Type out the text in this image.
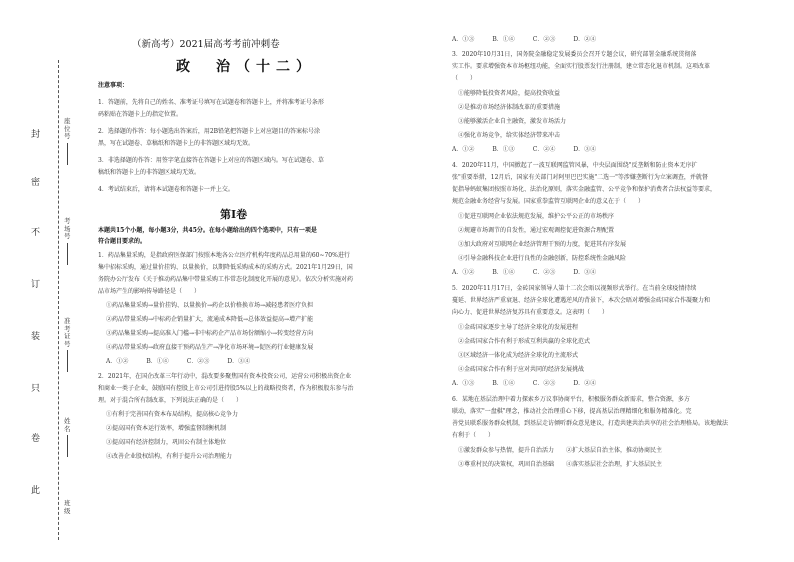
封
密
不
订
装
只
卷
此
座位号
考场号
准考证号
姓名
班级
（新高考）2021届高考考前冲刺卷
政　治（十二）
注意事项：
1．答题前，先将自己的姓名、准考证号填写在试题卷和答题卡上，并将准考证号条形
码粘贴在答题卡上的指定位置。
2．选择题的作答：每小题选出答案后，用2B铅笔把答题卡上对应题目的答案标号涂
黑，写在试题卷、草稿纸和答题卡上的非答题区域均无效。
3．非选择题的作答：用签字笔直接答在答题卡上对应的答题区域内。写在试题卷、草
稿纸和答题卡上的非答题区域均无效。
4．考试结束后，请将本试题卷和答题卡一并上交。
第Ⅰ卷
本题共15个小题，每小题3分，共45分。在每小题给出的四个选项中，只有一项是
符合题目要求的。
1．药品集量采购，是指政府医保部门按照本地各公立医疗机构年度药品总用量的60~70%进行
集中招标采购，通过量价挂钩、以量换价，以期降低采购成本的采购方式。2021年1月29日，国
务院办公厅发布《关于推动药品集中带量采购工作常态化制度化开展的意见》。依次分析实施对药
品市场产生的影响传导路径是（　　）
①药品集量采购→量价挂钩、以量换价→药企以价格换市场→减轻患者医疗负担
②药品带量采购→中标药企销量扩大，流通成本降低→总体效益提高→增产扩能
③药品集量采购→提高准入门槛→非中标药企产品市场份额缩小→转变经营方向
④药品带量采购→政府直接干预药品生产→净化市场环境→促医药行业健康发展
A．①②　　　B．①④　　　C．②③　　　D．③④
2．2021年，在国企改革三年行动中，混改要多聚焦国有资本投资公司，运营公司积极出资企业
和商业一类子企业，鼓励国有控股上市公司引进持股5%以上的战略投资者，作为积极股东参与治
理。对于混合所有制改革，下列说法正确的是（　　）
①有利于完善国有资本布局结构，提高核心竞争力
②提高国有资本运行效率，增强监督制衡机制
③提高国有经济控制力，巩固公有制主体地位
④改善企业股权结构，有利于提升公司治理能力
A．①③　　　B．①④　　　C．②③　　　D．②④
3．2020年10月31日，国务院金融稳定发展委员会召开专题会议，研究部署金融系统贯彻落
实工作。要求增强资本市场枢纽功能，全面实行股票发行注册制，建立常态化退市机制。这项改革
（　　）
①能够降低投资者风险，提高投资收益
②是推动市场经济体制改革的重要措施
③能够激活企业自主融资，激发市场活力
④强化市场竞争，给实体经济带来冲击
A．①②　　　B．①③　　　C．②④　　　D．③④
4．2020年11月，中国掀起了一波互联网监管风暴，中央层面围绕"反垄断和防止资本无序扩
张"重要举措，12月后，国家有关部门对阿里巴巴实施"二选一"等涉嫌垄断行为立案调查，并就督
促指导蚂蚁集团按照市场化、法治化原则，落实金融监管、公平竞争和保护消费者合法权益等要求，
规范金融业务经营与发展。国家重拳监管互联网企业的意义在于（　　）
①促进互联网企业依法规范发展，维护公平公正的市场秩序
②规避市场调节的自发性，通过宏观调控促进资源合理配置
③加大政府对互联网企业经济管理干预的力度，促进其有序发展
④引导金融科技企业进行良性的金融创新，防控系统性金融风险
A．①②　　　B．①④　　　C．②③　　　D．③④
5．2020年11月17日，金砖国家领导人第十二次会晤以视频形式举行。在当前全球疫情持续
蔓延、世界经济严重衰退、经济全球化遭遇逆风的背景下，本次会晤对增强金砖国家合作凝聚力和
向心力、促进世界经济复苏具有重要意义。这表明（　　）
①金砖国家逐步主导了经济全球化的发展进程
②金砖国家合作有利于形成互利共赢的全球化范式
③区域经济一体化成为经济全球化的主流形式
④金砖国家合作有利于应对共同的经济发展挑战
A．①③　　　B．①④　　　C．②③　　　D．②④
6．某地在基层治理中着力探索乡万议事协商平台，积极服务群众新需求，整合资源，多方
联动，落实"一盘棋"理念，推动社会治理重心下移，提高基层治理精细化和服务精准化。完
善党员联系服务群众机制，到基层走访倾听群众意见建议，打造共建共治共享的社会治理格局。该地做法
有利于（　　）
①激发群众参与热情，提升自治活力　　②扩大基层自治主体，推动协商民主
③尊重村民的决策权，巩固自治基础　　④落实基层社会治理，扩大基层民主
